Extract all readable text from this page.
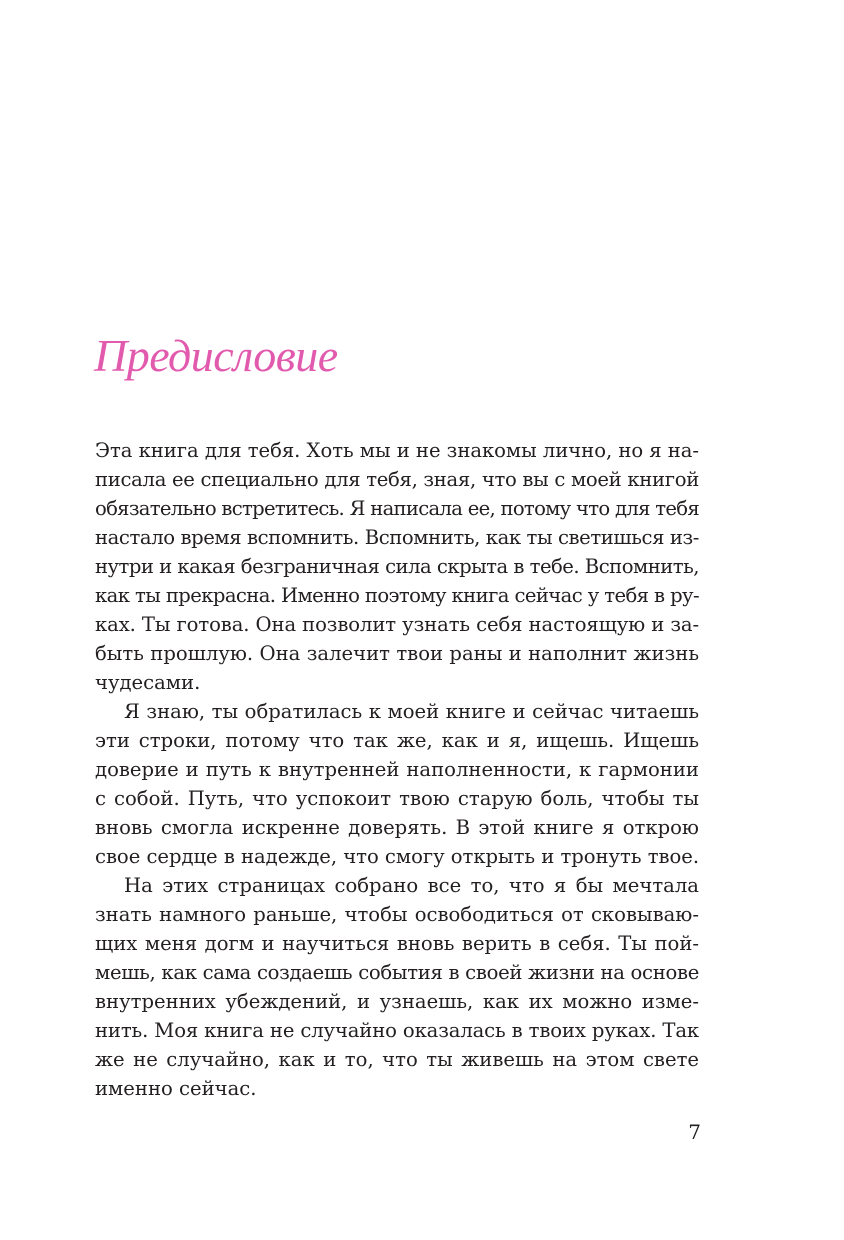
Предисловие
Эта книга для тебя. Хоть мы и не знакомы лично, но я на-
писала ее специально для тебя, зная, что вы с моей книгой
обязательно встретитесь. Я написала ее, потому что для тебя
настало время вспомнить. Вспомнить, как ты светишься из-
нутри и какая безграничная сила скрыта в тебе. Вспомнить,
как ты прекрасна. Именно поэтому книга сейчас у тебя в ру-
ках. Ты готова. Она позволит узнать себя настоящую и за-
быть прошлую. Она залечит твои раны и наполнит жизнь
чудесами.
Я знаю, ты обратилась к моей книге и сейчас читаешь
эти строки, потому что так же, как и я, ищешь. Ищешь
доверие и путь к внутренней наполненности, к гармонии
с собой. Путь, что успокоит твою старую боль, чтобы ты
вновь смогла искренне доверять. В этой книге я открою
свое сердце в надежде, что смогу открыть и тронуть твое.
На этих страницах собрано все то, что я бы мечтала
знать намного раньше, чтобы освободиться от сковываю-
щих меня догм и научиться вновь верить в себя. Ты пой-
мешь, как сама создаешь события в своей жизни на основе
внутренних убеждений, и узнаешь, как их можно изме-
нить. Моя книга не случайно оказалась в твоих руках. Так
же не случайно, как и то, что ты живешь на этом свете
именно сейчас.
7
